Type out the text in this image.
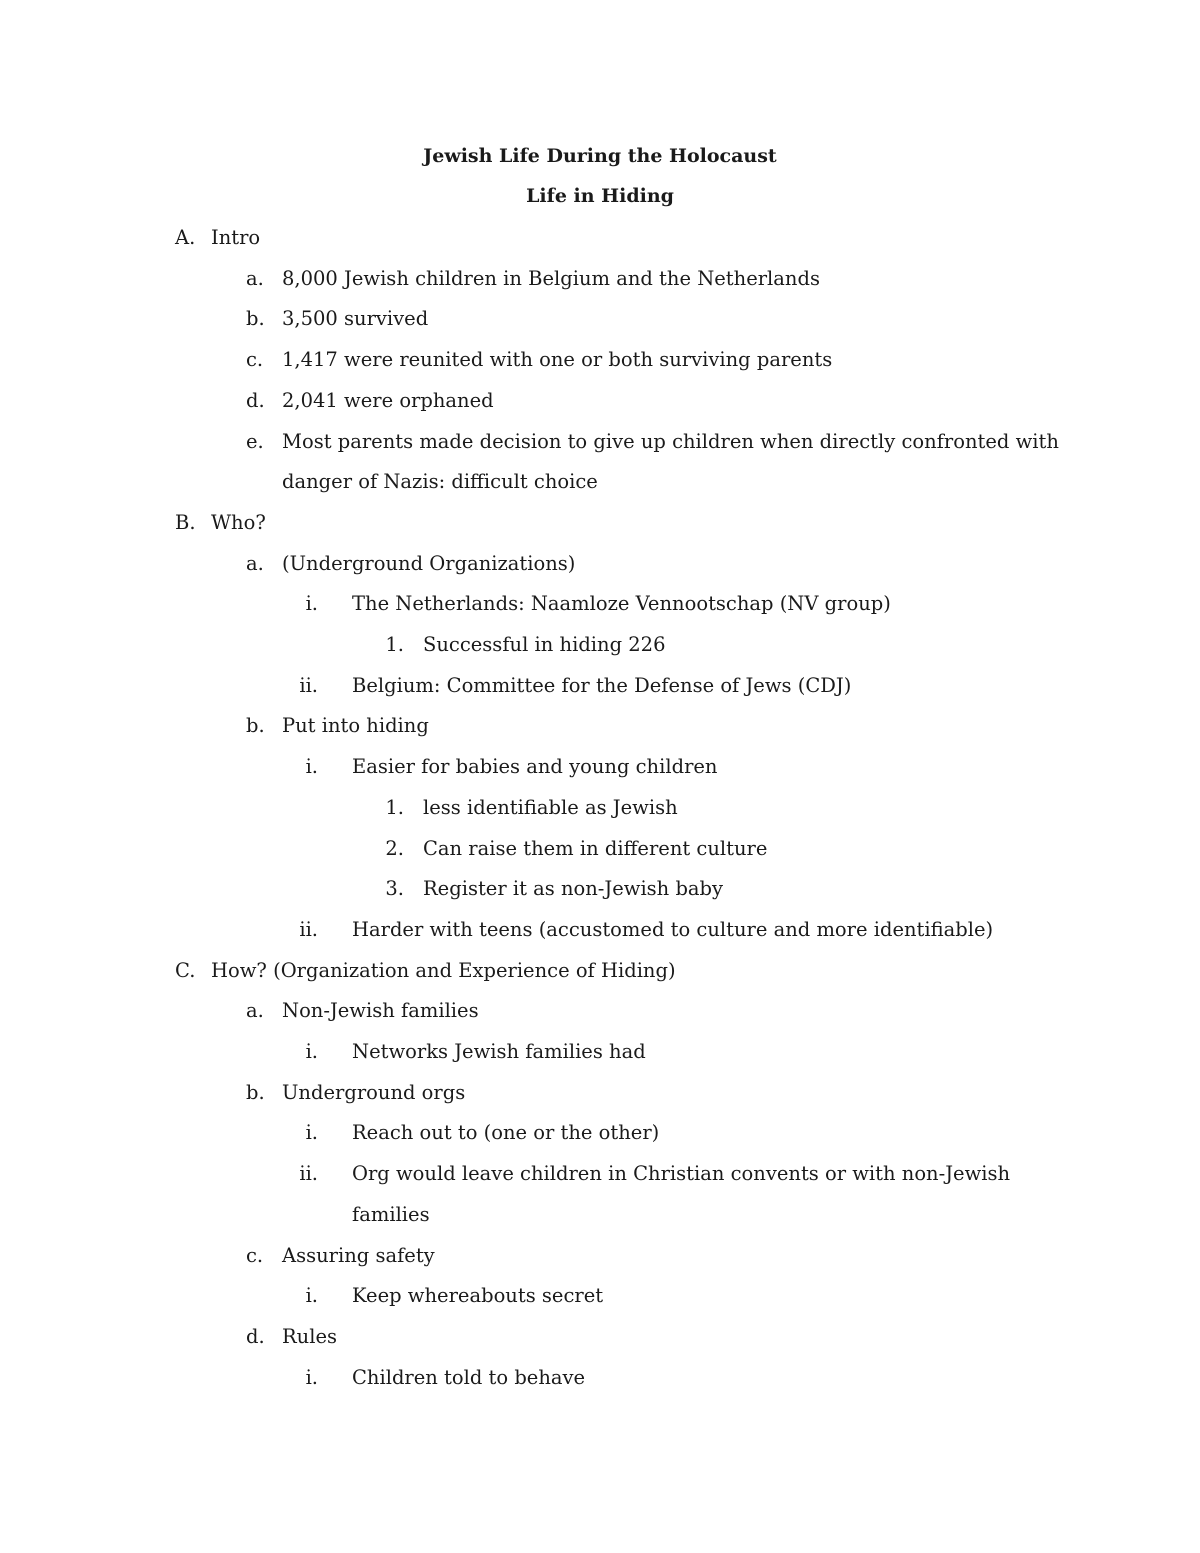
Jewish Life During the Holocaust
Life in Hiding
A. Intro
a. 8,000 Jewish children in Belgium and the Netherlands
b. 3,500 survived
c. 1,417 were reunited with one or both surviving parents
d. 2,041 were orphaned
e. Most parents made decision to give up children when directly confronted with
danger of Nazis: difficult choice
B. Who?
a. (Underground Organizations)
i. The Netherlands: Naamloze Vennootschap (NV group)
1. Successful in hiding 226
ii. Belgium: Committee for the Defense of Jews (CDJ)
b. Put into hiding
i. Easier for babies and young children
1. less identifiable as Jewish
2. Can raise them in different culture
3. Register it as non-Jewish baby
ii. Harder with teens (accustomed to culture and more identifiable)
C. How? (Organization and Experience of Hiding)
a. Non-Jewish families
i. Networks Jewish families had
b. Underground orgs
i. Reach out to (one or the other)
ii. Org would leave children in Christian convents or with non-Jewish
families
c. Assuring safety
i. Keep whereabouts secret
d. Rules
i. Children told to behave
